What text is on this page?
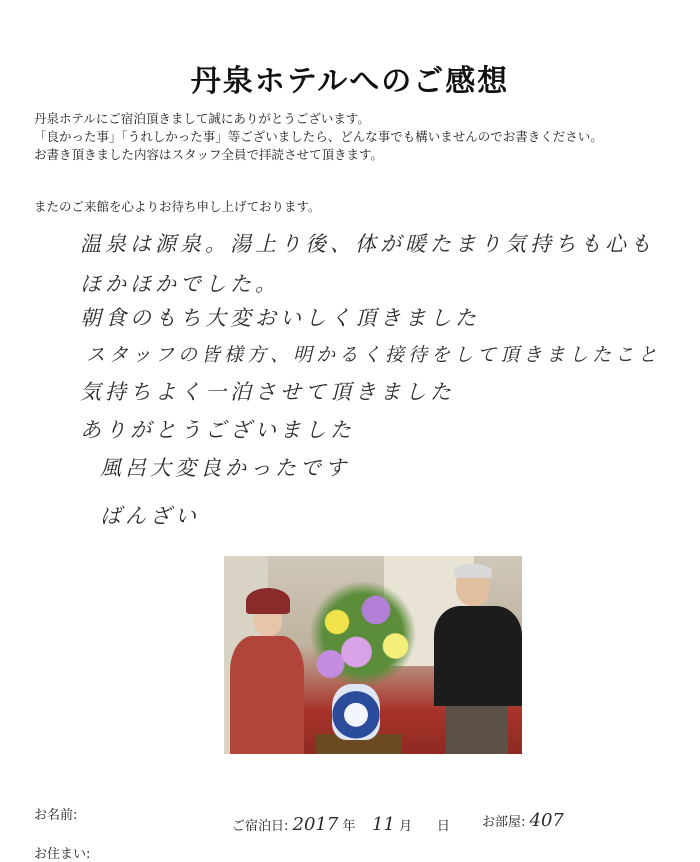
丹泉ホテルへのご感想

丹泉ホテルにご宿泊頂きまして誠にありがとうございます。

「良かった事」「うれしかった事」等ございましたら、どんな事でも構いませんのでお書きください。

お書き頂きました内容はスタッフ全員で拝読させて頂きます。

またのご来館を心よりお待ち申し上げております。
温泉は源泉。湯上り後、体が暖たまり気持ちも心も
ほかほかでした。
朝食のもち大変おいしく頂きました
スタッフの皆様方、明かるく接待をして頂きましたこと
気持ちよく一泊させて頂きました
ありがとうございました
風呂大変良かったです
ばんざい
お名前:
お住まい:
ご宿泊日: 2017 年 11 月 日 お部屋: 407
